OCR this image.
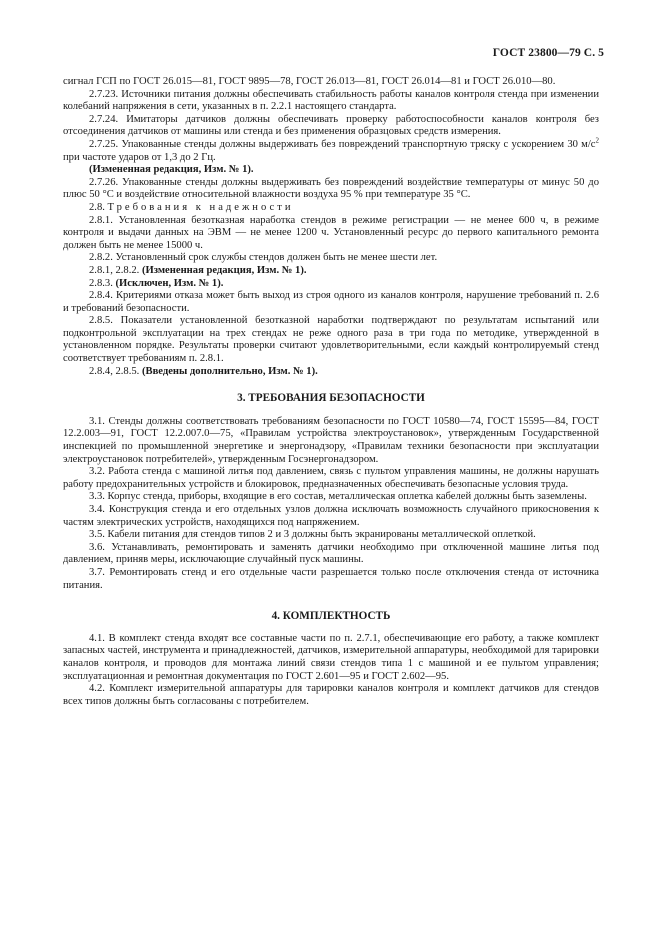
ГОСТ 23800—79 С. 5

сигнал ГСП по ГОСТ 26.015—81, ГОСТ 9895—78, ГОСТ 26.013—81, ГОСТ 26.014—81 и ГОСТ 26.010—80.

2.7.23. Источники питания должны обеспечивать стабильность работы каналов контроля стенда при изменении колебаний напряжения в сети, указанных в п. 2.2.1 настоящего стандарта.

2.7.24. Имитаторы датчиков должны обеспечивать проверку работоспособности каналов контроля без отсоединения датчиков от машины или стенда и без применения образцовых средств измерения.

2.7.25. Упакованные стенды должны выдерживать без повреждений транспортную тряску с ускорением 30 $м/с^2$ при частоте ударов от 1,3 до 2 Гц.

(Измененная редакция, Изм. № 1).

2.7.26. Упакованные стенды должны выдерживать без повреждений воздействие температуры от минус 50 до плюс 50 °С и воздействие относительной влажности воздуха 95 % при температуре 35 °С.

2.8. Требования к надежности

2.8.1. Установленная безотказная наработка стендов в режиме регистрации — не менее 600 ч, в режиме контроля и выдачи данных на ЭВМ — не менее 1200 ч. Установленный ресурс до первого капитального ремонта должен быть не менее 15000 ч.

2.8.2. Установленный срок службы стендов должен быть не менее шести лет.

2.8.1, 2.8.2. (Измененная редакция, Изм. № 1).

2.8.3. (Исключен, Изм. № 1).

2.8.4. Критериями отказа может быть выход из строя одного из каналов контроля, нарушение требований п. 2.6 и требований безопасности.

2.8.5. Показатели установленной безотказной наработки подтверждают по результатам испытаний или подконтрольной эксплуатации на трех стендах не реже одного раза в три года по методике, утвержденной в установленном порядке. Результаты проверки считают удовлетворительными, если каждый контролируемый стенд соответствует требованиям п. 2.8.1.

2.8.4, 2.8.5. (Введены дополнительно, Изм. № 1).

3. ТРЕБОВАНИЯ БЕЗОПАСНОСТИ

3.1. Стенды должны соответствовать требованиям безопасности по ГОСТ 10580—74, ГОСТ 15595—84, ГОСТ 12.2.003—91, ГОСТ 12.2.007.0—75, «Правилам устройства электроустановок», утвержденным Государственной инспекцией по промышленной энергетике и энергонадзору, «Правилам техники безопасности при эксплуатации электроустановок потребителей», утвержденным Госэнергонадзором.

3.2. Работа стенда с машиной литья под давлением, связь с пультом управления машины, не должны нарушать работу предохранительных устройств и блокировок, предназначенных обеспечивать безопасные условия труда.

3.3. Корпус стенда, приборы, входящие в его состав, металлическая оплетка кабелей должны быть заземлены.

3.4. Конструкция стенда и его отдельных узлов должна исключать возможность случайного прикосновения к частям электрических устройств, находящихся под напряжением.

3.5. Кабели питания для стендов типов 2 и 3 должны быть экранированы металлической оплеткой.

3.6. Устанавливать, ремонтировать и заменять датчики необходимо при отключенной машине литья под давлением, приняв меры, исключающие случайный пуск машины.

3.7. Ремонтировать стенд и его отдельные части разрешается только после отключения стенда от источника питания.

4. КОМПЛЕКТНОСТЬ

4.1. В комплект стенда входят все составные части по п. 2.7.1, обеспечивающие его работу, а также комплект запасных частей, инструмента и принадлежностей, датчиков, измерительной аппаратуры, необходимой для тарировки каналов контроля, и проводов для монтажа линий связи стендов типа 1 с машиной и ее пультом управления; эксплуатационная и ремонтная документация по ГОСТ 2.601—95 и ГОСТ 2.602—95.

4.2. Комплект измерительной аппаратуры для тарировки каналов контроля и комплект датчиков для стендов всех типов должны быть согласованы с потребителем.
